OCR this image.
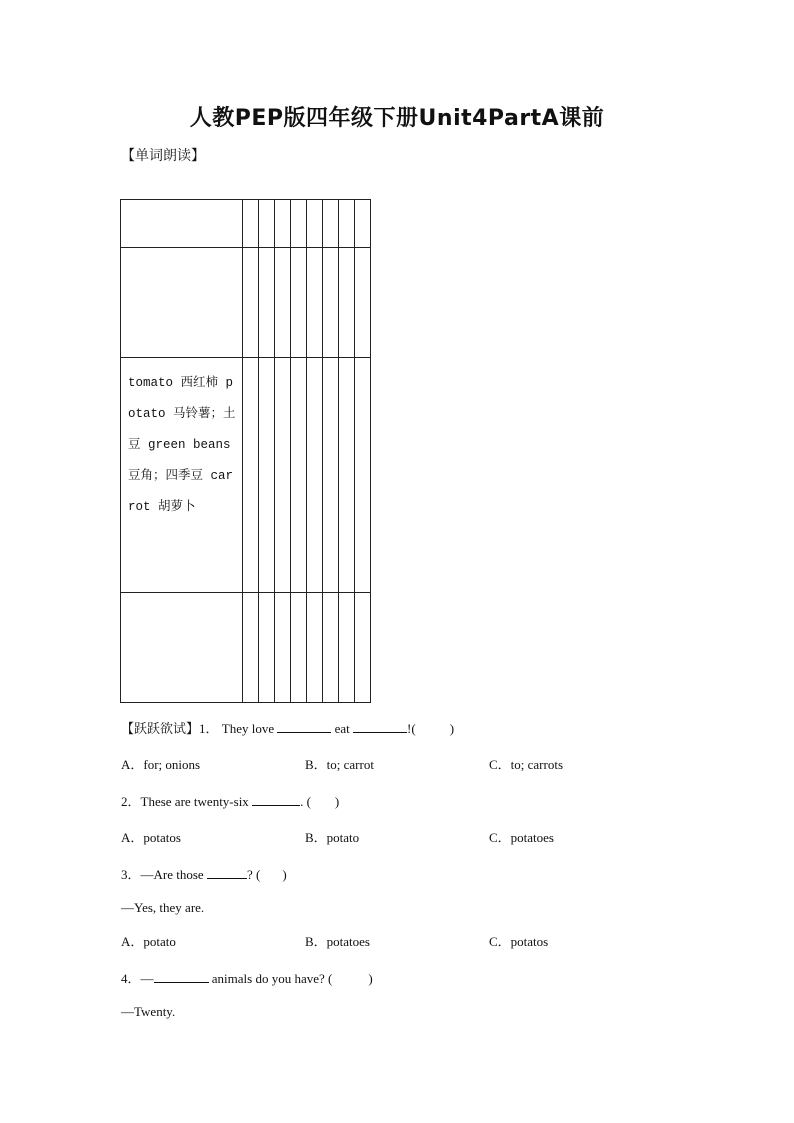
人教PEP版四年级下册Unit4PartA课前
【单词朗读】

tomato 西红柿 potato 马铃薯；土豆 green beans 豆角；四季豆 carrot 胡萝卜								

【跃跃欲试】1． They love	eat	!(	)
A．for; onions	B．to; carrot	C．to; carrots
2．These are twenty-six	. ( )
A．potatos	B．potato	C．potatoes
3．—Are those	? ( )
—Yes, they are.
A．potato	B．potatoes	C．potatos
4．—	animals do you have? (	)
—Twenty.
